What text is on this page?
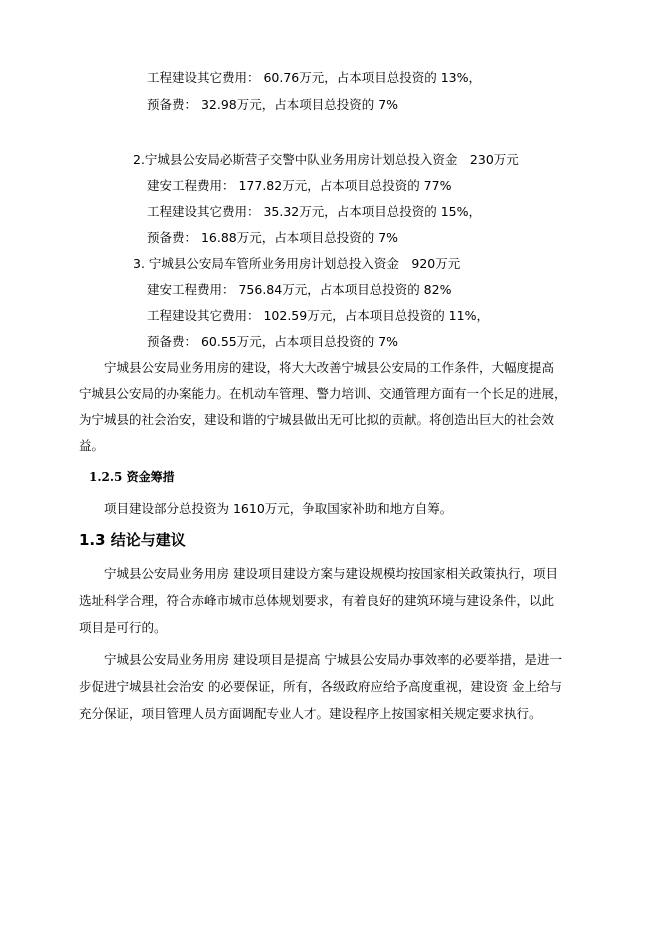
工程建设其它费用： 60.76万元，占本项目总投资的 13%，
预备费： 32.98万元，占本项目总投资的 7%
2.宁城县公安局必斯营子交警中队业务用房计划总投入资金　230万元
建安工程费用： 177.82万元，占本项目总投资的 77%
工程建设其它费用： 35.32万元，占本项目总投资的 15%，
预备费： 16.88万元，占本项目总投资的 7%
3. 宁城县公安局车管所业务用房计划总投入资金　920万元
建安工程费用： 756.84万元，占本项目总投资的 82%
工程建设其它费用： 102.59万元，占本项目总投资的 11%，
预备费： 60.55万元，占本项目总投资的 7%
宁城县公安局业务用房的建设，将大大改善宁城县公安局的工作条件，大幅度提高
宁城县公安局的办案能力。在机动车管理、警力培训、交通管理方面有一个长足的进展，
为宁城县的社会治安，建设和谐的宁城县做出无可比拟的贡献。将创造出巨大的社会效
益。
1.2.5 资金筹措
项目建设部分总投资为 1610万元，争取国家补助和地方自筹。
1.3 结论与建议
宁城县公安局业务用房 建设项目建设方案与建设规模均按国家相关政策执行，项目
选址科学合理，符合赤峰市城市总体规划要求，有着良好的建筑环境与建设条件，以此
项目是可行的。
宁城县公安局业务用房 建设项目是提高 宁城县公安局办事效率的必要举措，是进一
步促进宁城县社会治安 的必要保证，所有，各级政府应给予高度重视，建设资 金上给与
充分保证，项目管理人员方面调配专业人才。建设程序上按国家相关规定要求执行。
